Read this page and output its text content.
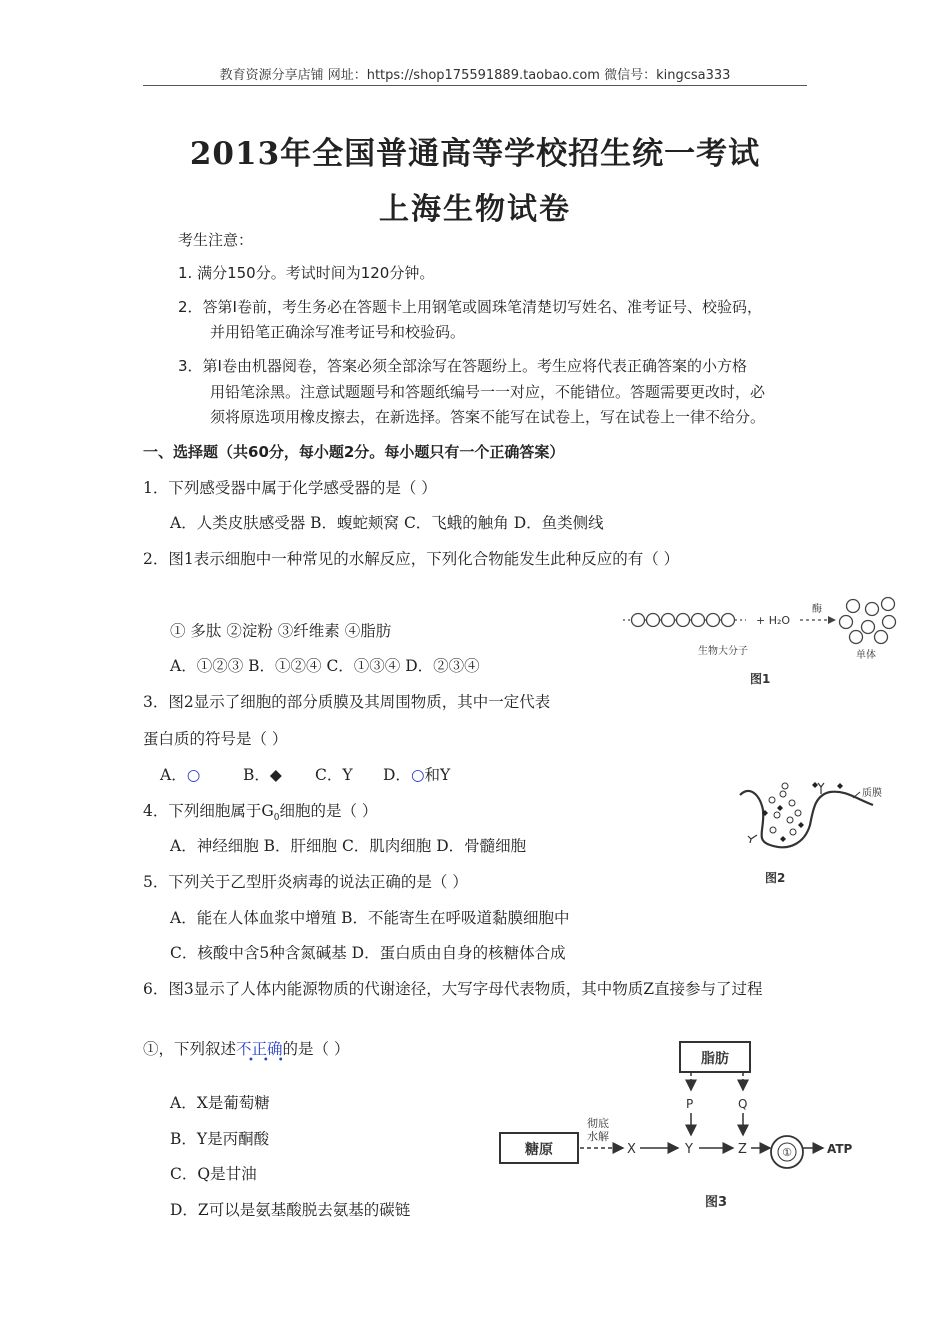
教育资源分享店铺 网址：https://shop175591889.taobao.com 微信号：kingcsa333
2013年全国普通高等学校招生统一考试
上海生物试卷
考生注意：
1. 满分150分。考试时间为120分钟。
2．答第Ⅰ卷前，考生务必在答题卡上用钢笔或圆珠笔清楚切写姓名、准考证号、校验码，
并用铅笔正确涂写准考证号和校验码。
3．第Ⅰ卷由机器阅卷，答案必须全部涂写在答题纷上。考生应将代表正确答案的小方格
用铅笔涂黑。注意试题题号和答题纸编号一一对应，不能错位。答题需要更改时，必
须将原选项用橡皮擦去，在新选择。答案不能写在试卷上，写在试卷上一律不给分。
一、选择题（共60分，每小题2分。每小题只有一个正确答案）
1．下列感受器中属于化学感受器的是（ ）
A．人类皮肤感受器 B．蝮蛇颊窝 C．飞蛾的触角 D．鱼类侧线
2．图1表示细胞中一种常见的水解反应，下列化合物能发生此种反应的有（ ）
① 多肽 ②淀粉 ③纤维素 ④脂肪
A．①②③ B．①②④ C．①③④ D．②③④
+ H₂O
酶
生物大分子	单体
图1
3．图2显示了细胞的部分质膜及其周围物质，其中一定代表
蛋白质的符号是（ ）
A．○	B．◆ C．Y D．○和Y
质膜
图2
4．下列细胞属于$G_0$细胞的是（ ）
A．神经细胞 B．肝细胞 C．肌肉细胞 D．骨髓细胞
5．下列关于乙型肝炎病毒的说法正确的是（ ）
A．能在人体血浆中增殖 B．不能寄生在呼吸道黏膜细胞中
C．核酸中含5种含氮碱基 D．蛋白质由自身的核糖体合成
6．图3显示了人体内能源物质的代谢途径，大写字母代表物质，其中物质Z直接参与了过程
①，下列叙述不正确的是（ ）
•••
A．X是葡萄糖
B．Y是丙酮酸
C．Q是甘油
D．Z可以是氨基酸脱去氨基的碳链
脂肪
P	Q
糖原
彻底
水解
X	Y	Z	①	ATP
图3
